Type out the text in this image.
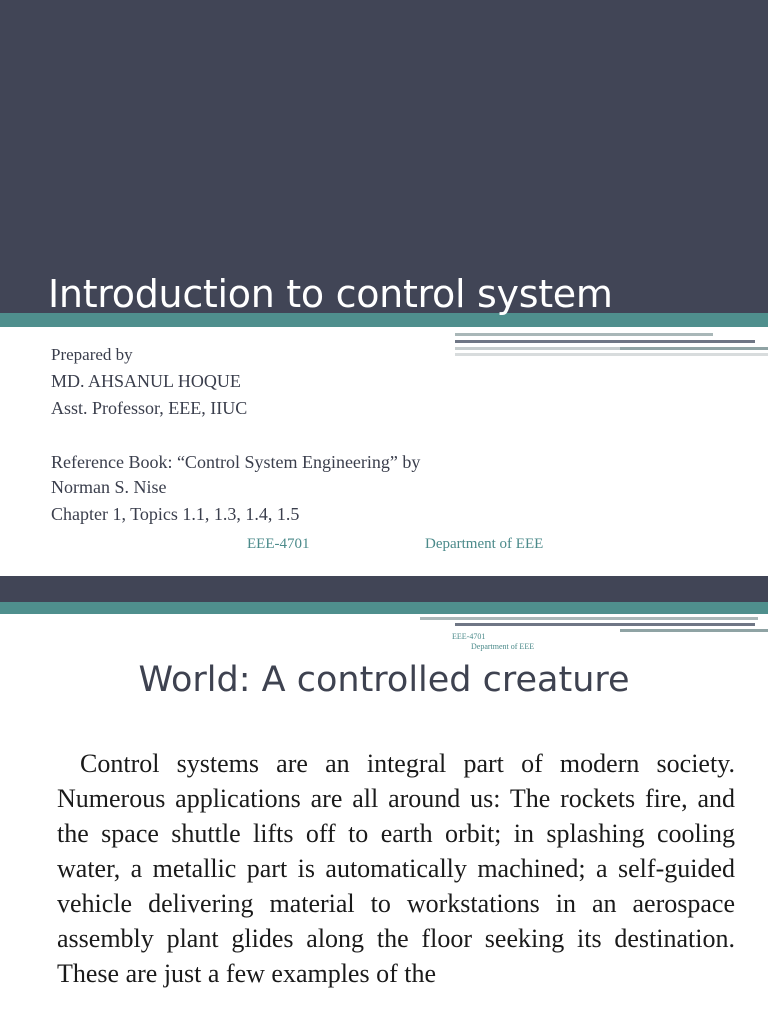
Introduction to control system
Prepared by
MD. AHSANUL HOQUE
Asst. Professor, EEE, IIUC
Reference Book: “Control System Engineering” by
Norman S. Nise
Chapter 1, Topics 1.1, 1.3, 1.4, 1.5
EEE-4701	Department of EEE
EEE-4701
Department of EEE
World: A controlled creature

Control systems are an integral part of modern society. Numerous applications are all around us: The rockets fire, and the space shuttle lifts off to earth orbit; in splashing cooling water, a metallic part is automatically machined; a self-guided vehicle delivering material to workstations in an aerospace assembly plant glides along the floor seeking its destination. These are just a few examples of the
